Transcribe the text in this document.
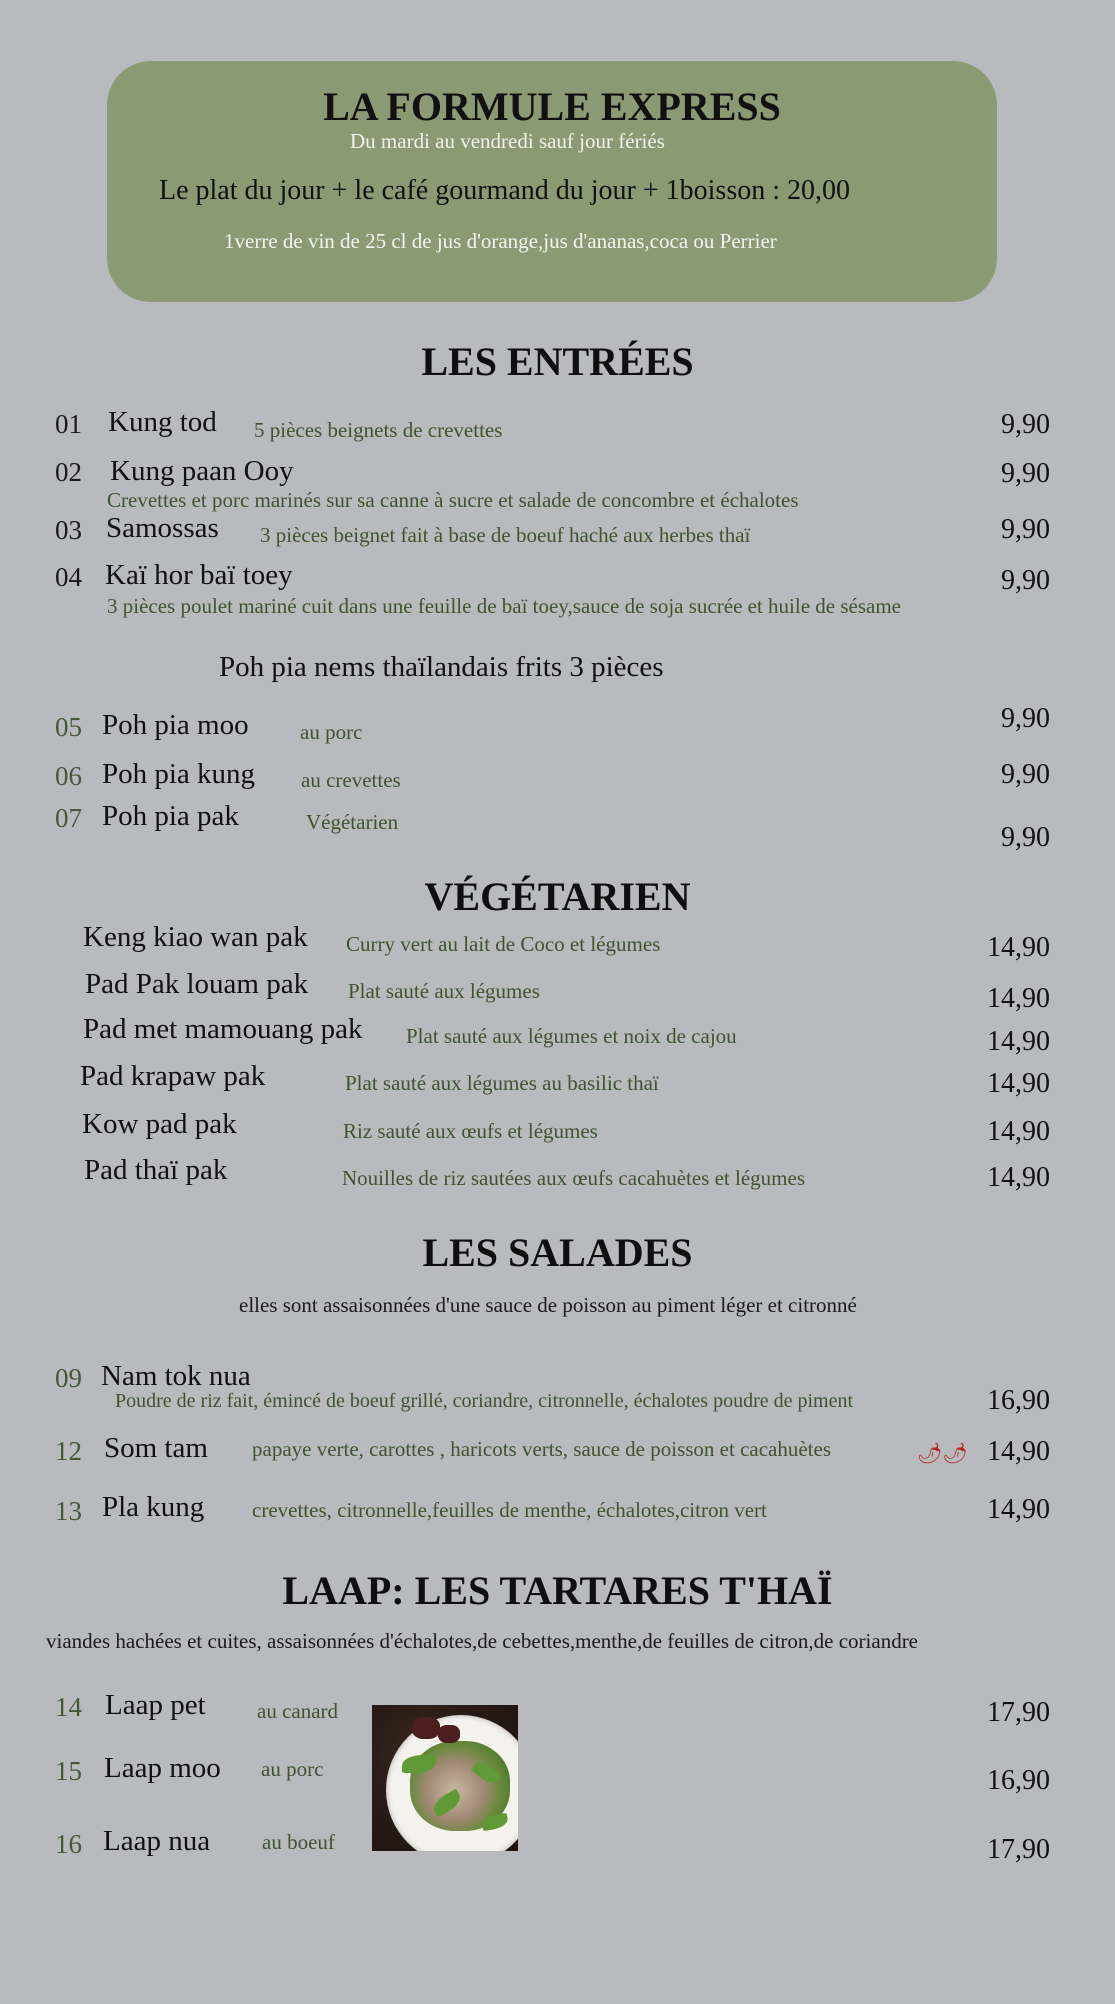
LA FORMULE EXPRESS
Du mardi au vendredi sauf jour fériés
Le plat du jour + le café gourmand du jour + 1boisson : 20,00
1verre de vin de 25 cl de jus d'orange,jus d'ananas,coca ou Perrier
LES ENTRÉES
01 Kung tod 5 pièces beignets de crevettes	9,90
02 Kung paan Ooy
Crevettes et porc marinés sur sa canne à sucre et salade de concombre et échalotes
9,90
03 Samossas 3 pièces beignet fait à base de boeuf haché aux herbes thaï	9,90
04 Kaï hor baï toey
3 pièces poulet mariné cuit dans une feuille de baï toey,sauce de soja sucrée et huile de sésame
9,90
Poh pia nems thaïlandais frits 3 pièces
05 Poh pia moo au porc	9,90
06 Poh pia kung au crevettes	9,90
07 Poh pia pak	Végétarien	9,90
VÉGÉTARIEN
Keng kiao wan pak Curry vert au lait de Coco et légumes	14,90
Pad Pak louam pak Plat sauté aux légumes	14,90
Pad met mamouang pak Plat sauté aux légumes et noix de cajou	14,90
Pad krapaw pak	Plat sauté aux légumes au basilic thaï	14,90
Kow pad pak	Riz sauté aux œufs et légumes	14,90
Pad thaï pak	Nouilles de riz sautées aux œufs cacahuètes et légumes	14,90
LES SALADES
elles sont assaisonnées d'une sauce de poisson au piment léger et citronné
09 Nam tok nua
Poudre de riz fait, émincé de boeuf grillé, coriandre, citronnelle, échalotes poudre de piment	16,90
12 Som tam papaye verte, carottes , haricots verts, sauce de poisson et cacahuètes	🌶🌶 14,90
13 Pla kung crevettes, citronnelle,feuilles de menthe, échalotes,citron vert	14,90
LAAP: LES TARTARES T'HAÏ
viandes hachées et cuites, assaisonnées d'échalotes,de cebettes,menthe,de feuilles de citron,de coriandre
14 Laap pet au canard	17,90
15 Laap moo au porc	16,90
16 Laap nua au boeuf	17,90
